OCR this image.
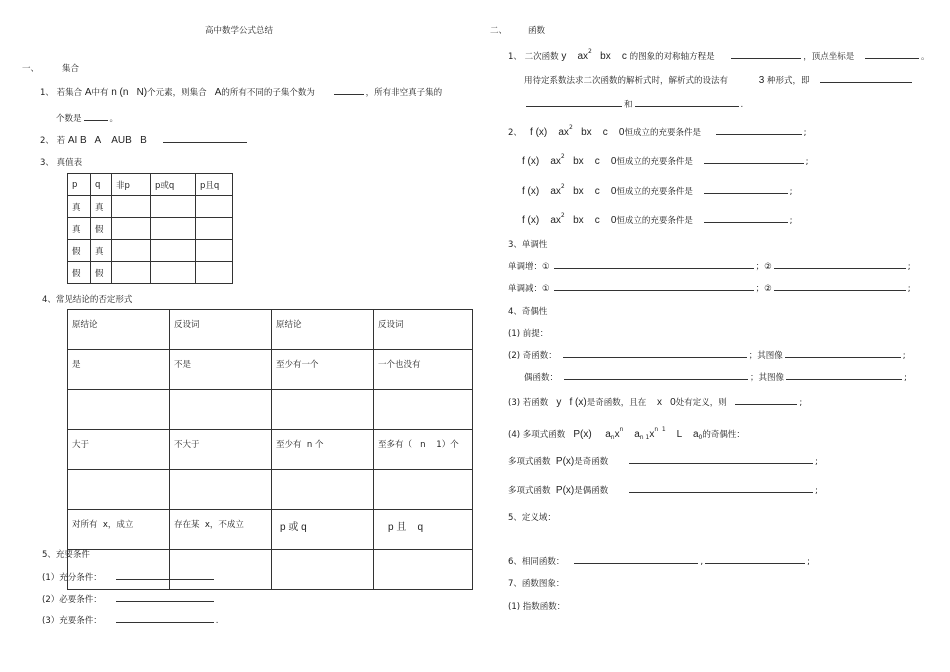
高中数学公式总结
一、	集合
1、 若集合 A中有 n (n N)个元素，则集合 A的所有不同的子集个数为	，所有非空真子集的
个数是	。
2、 若 AI B   A    AUB   B
3、 真值表
p	q	非p	p或q	p且q
真	真			
真	假			
假	真			
假	假			
4、常见结论的否定形式
原结论	反设词	原结论	反设词
是	不是	至少有一个	一个也没有

大于	不大于	至少有  n 个	至多有（   n    1）个

对所有  x，成立	存在某  x，不成立	p 或 q	p 且    q

5、充要条件
(1）充分条件：
(2）必要条件：
(3）充要条件：	.
二、 函数
1、 二次函数 y    $ax^2$   bx    c 的图象的对称轴方程是	，顶点坐标是	。
用待定系数法求二次函数的解析式时，解析式的设法有	3 种形式，即
和	.
2、 f (x)    $ax^2$   bx    c    0恒成立的充要条件是	;
f (x)    $ax^2$   bx    c    0恒成立的充要条件是	;
f (x)    $ax^2$   bx    c    0恒成立的充要条件是	;
f (x)    $ax^2$   bx    c    0恒成立的充要条件是	;
3、单调性
单调增：①	；②	;
单调减：①	；②	;
4、奇偶性
(1) 前提：
(2) 奇函数：	；其图像	;
偶函数：	；其图像	;
(3) 若函数 y f (x)是奇函数，且在 x 0处有定义，则	;
(4) 多项式函数 P(x) $a_nx^n$ $a_{n 1}x^{n 1}$ L $a_0$的奇偶性：
多项式函数 P(x)是奇函数	;
多项式函数 P(x)是偶函数	;
5、定义域：
6、相同函数：	,	;
7、函数图象：
(1) 指数函数：
